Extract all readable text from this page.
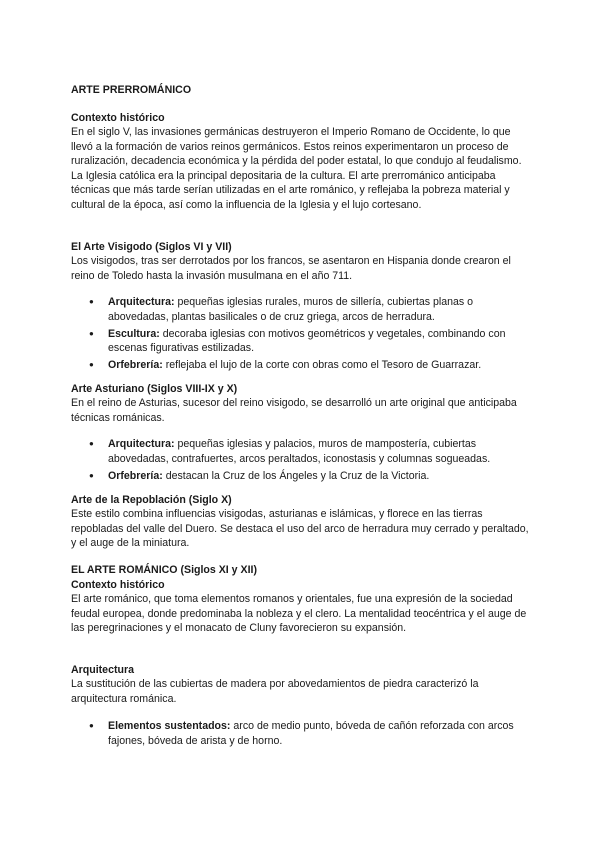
ARTE PRERROMÁNICO

Contexto histórico

En el siglo V, las invasiones germánicas destruyeron el Imperio Romano de Occidente, lo que llevó a la formación de varios reinos germánicos. Estos reinos experimentaron un proceso de ruralización, decadencia económica y la pérdida del poder estatal, lo que condujo al feudalismo. La Iglesia católica era la principal depositaria de la cultura. El arte prerrománico anticipaba técnicas que más tarde serían utilizadas en el arte románico, y reflejaba la pobreza material y cultural de la época, así como la influencia de la Iglesia y el lujo cortesano.

El Arte Visigodo (Siglos VI y VII)

Los visigodos, tras ser derrotados por los francos, se asentaron en Hispania donde crearon el reino de Toledo hasta la invasión musulmana en el año 711.

● Arquitectura: pequeñas iglesias rurales, muros de sillería, cubiertas planas o abovedadas, plantas basilicales o de cruz griega, arcos de herradura.
● Escultura: decoraba iglesias con motivos geométricos y vegetales, combinando con escenas figurativas estilizadas.
● Orfebrería: reflejaba el lujo de la corte con obras como el Tesoro de Guarrazar.

Arte Asturiano (Siglos VIII-IX y X)

En el reino de Asturias, sucesor del reino visigodo, se desarrolló un arte original que anticipaba técnicas románicas.

● Arquitectura: pequeñas iglesias y palacios, muros de mampostería, cubiertas abovedadas, contrafuertes, arcos peraltados, iconostasis y columnas sogueadas.
● Orfebrería: destacan la Cruz de los Ángeles y la Cruz de la Victoria.

Arte de la Repoblación (Siglo X)

Este estilo combina influencias visigodas, asturianas e islámicas, y florece en las tierras repobladas del valle del Duero. Se destaca el uso del arco de herradura muy cerrado y peraltado, y el auge de la miniatura.

EL ARTE ROMÁNICO (Siglos XI y XII)

Contexto histórico

El arte románico, que toma elementos romanos y orientales, fue una expresión de la sociedad feudal europea, donde predominaba la nobleza y el clero. La mentalidad teocéntrica y el auge de las peregrinaciones y el monacato de Cluny favorecieron su expansión.

Arquitectura

La sustitución de las cubiertas de madera por abovedamientos de piedra caracterizó la arquitectura románica.

● Elementos sustentados: arco de medio punto, bóveda de cañón reforzada con arcos fajones, bóveda de arista y de horno.
